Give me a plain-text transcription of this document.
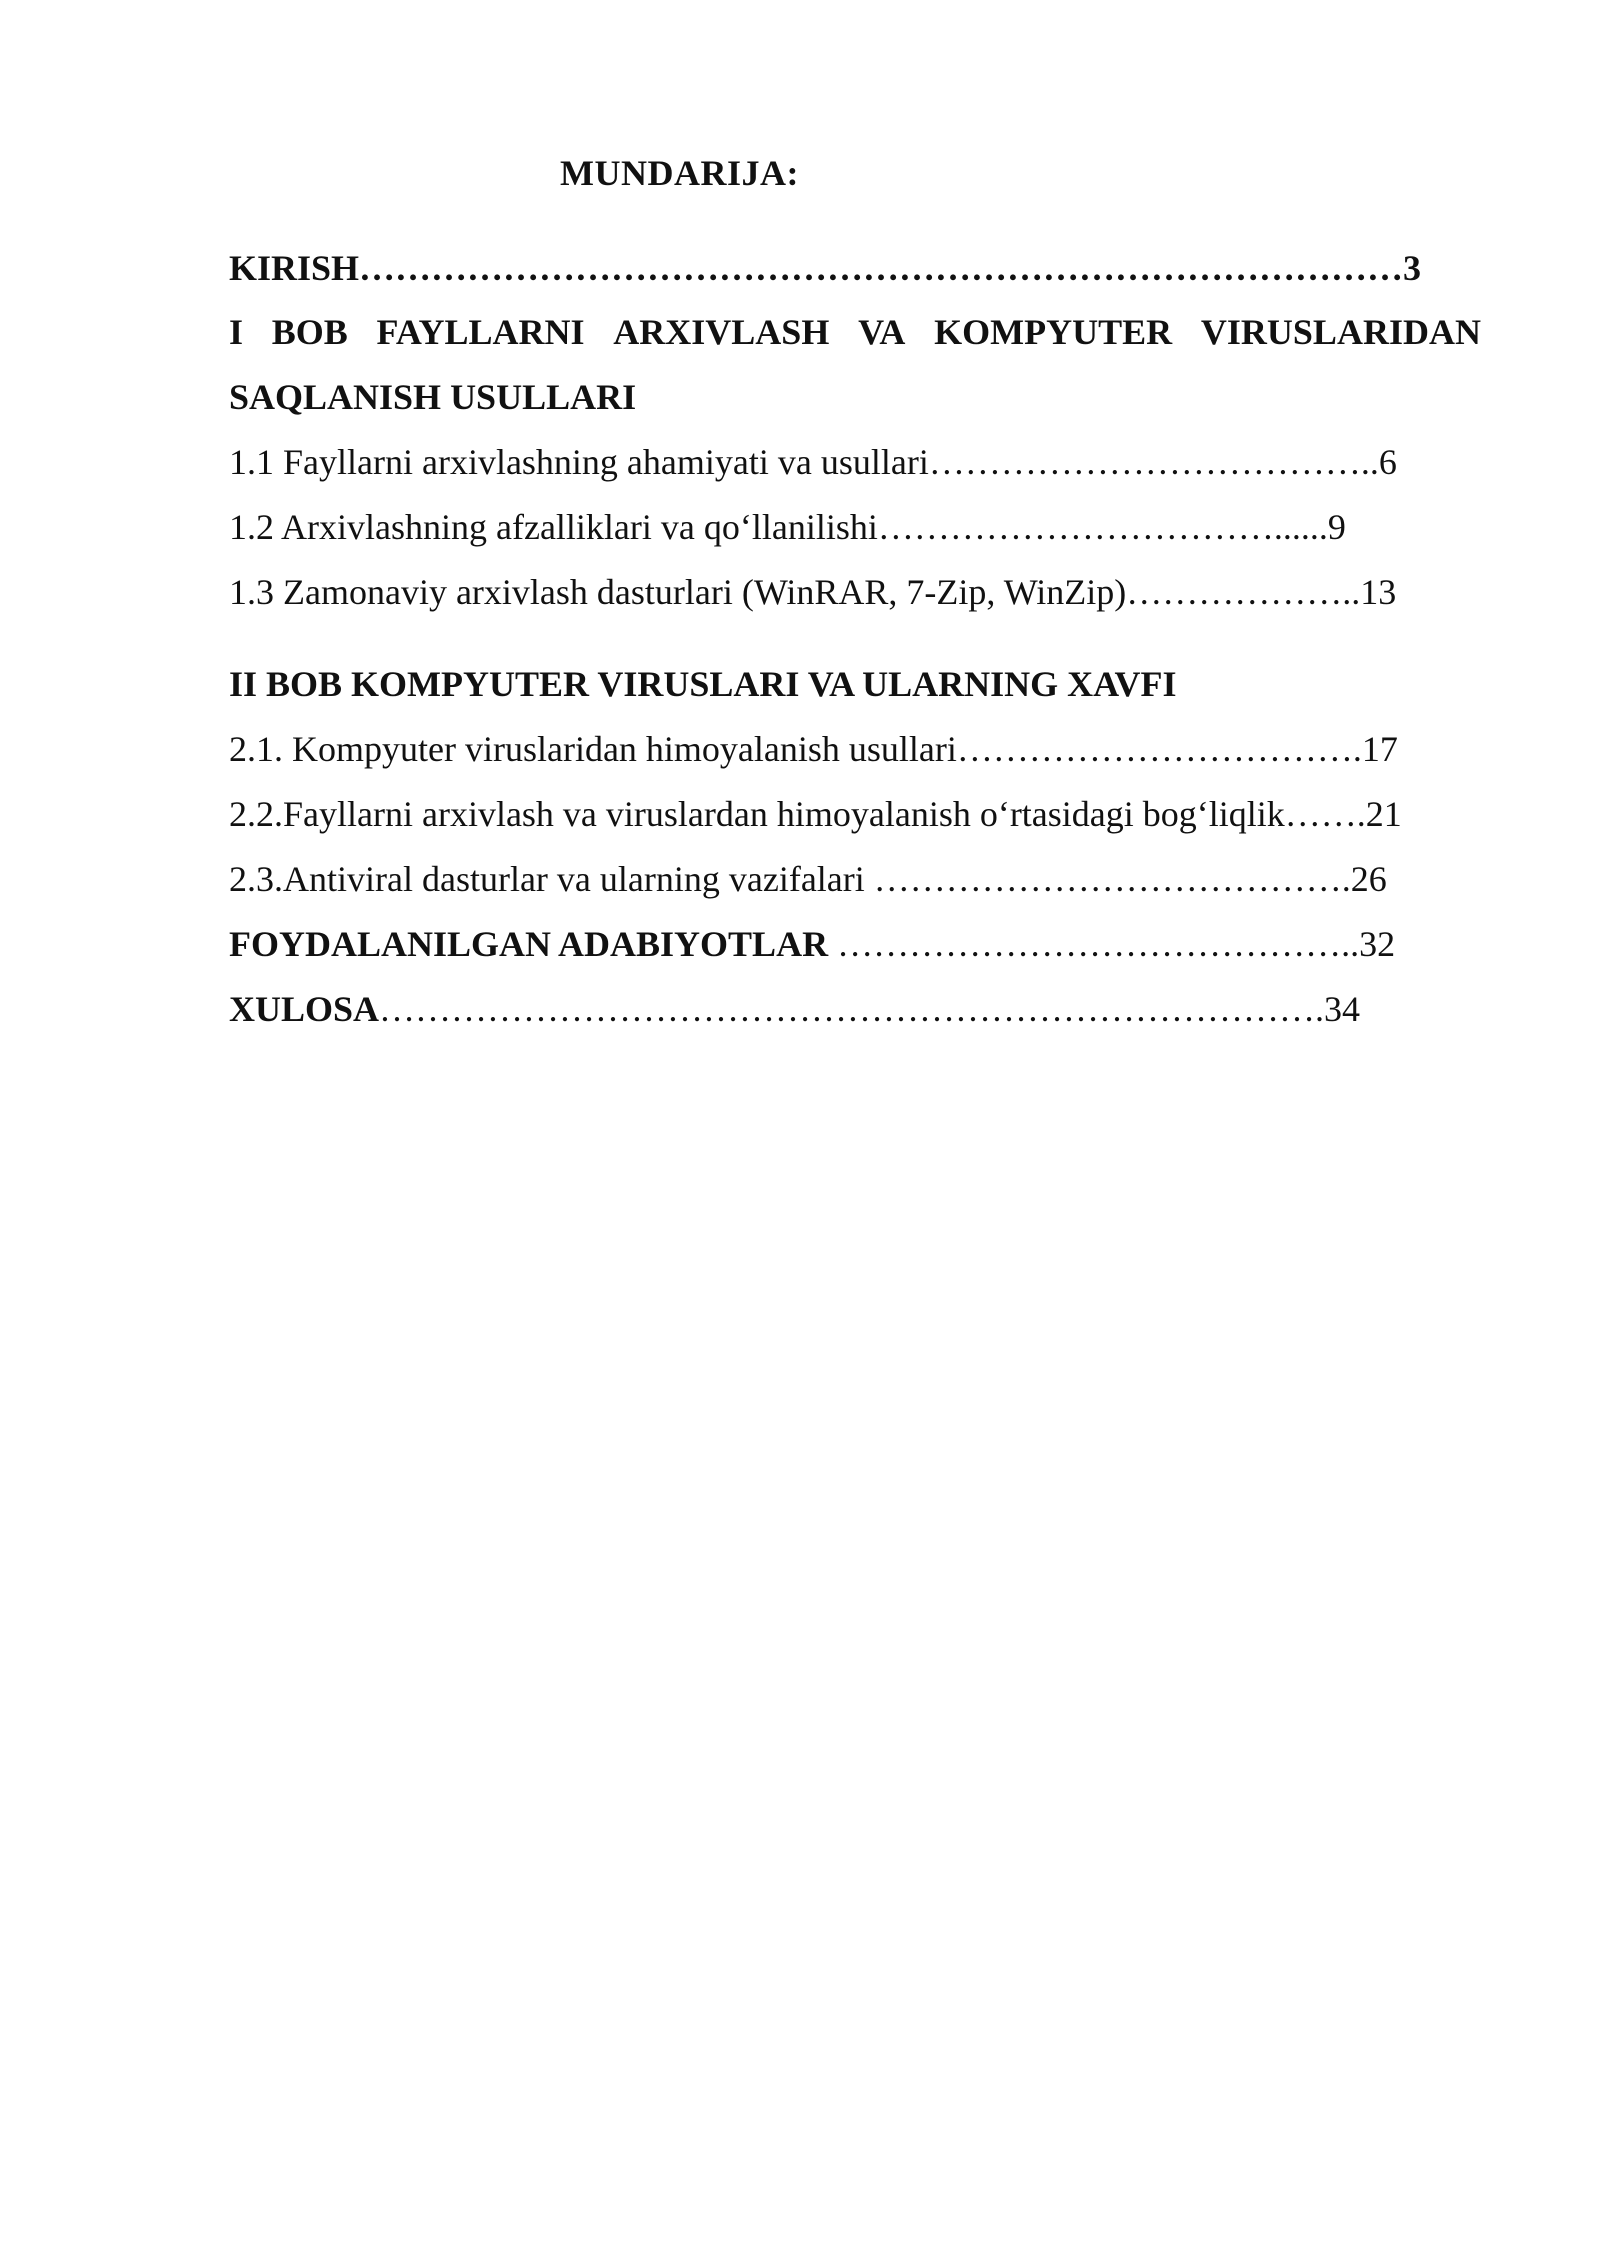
MUNDARIJA:
KIRISH……………………………………………………………………………3
I BOB FAYLLARNI ARXIVLASH VA KOMPYUTER VIRUSLARIDAN
SAQLANISH USULLARI
1.1 Fayllarni arxivlashning ahamiyati va usullari………………………………..6
1.2 Arxivlashning afzalliklari va qo‘llanilishi……………………………......9
1.3 Zamonaviy arxivlash dasturlari (WinRAR, 7-Zip, WinZip)………………..13
II BOB KOMPYUTER VIRUSLARI VA ULARNING XAVFI
2.1. Kompyuter viruslaridan himoyalanish usullari…………………………….17
2.2.Fayllarni arxivlash va viruslardan himoyalanish o‘rtasidagi bog‘liqlik…….21
2.3.Antiviral dasturlar va ularning vazifalari ………………………………….26
FOYDALANILGAN ADABIYOTLAR ……………………………………..32
XULOSA…………………………………………………………………….34
